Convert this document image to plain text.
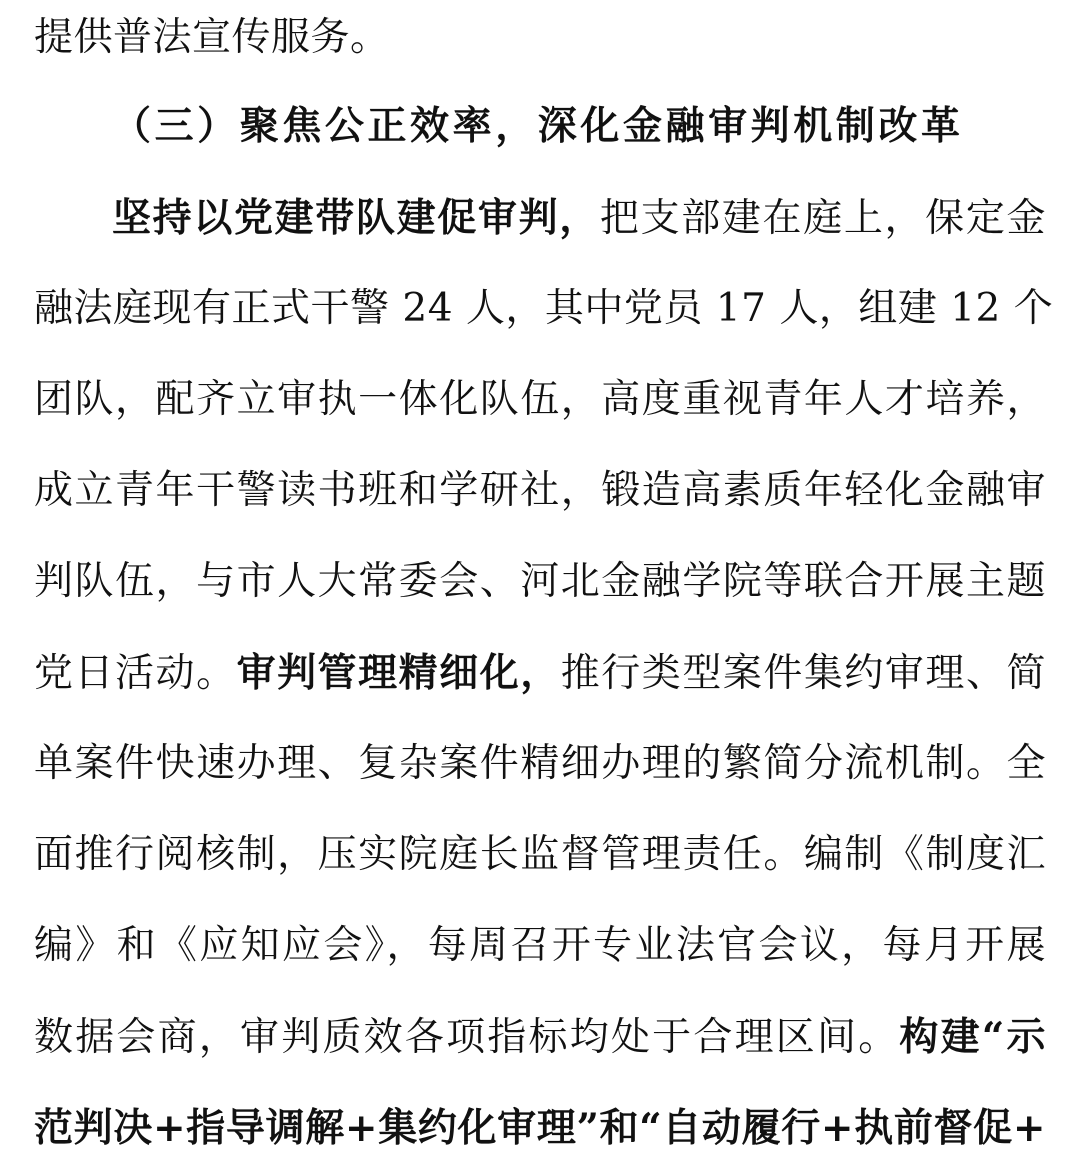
提供普法宣传服务。
（三）聚焦公正效率，深化金融审判机制改革
坚持以党建带队建促审判，把支部建在庭上，保定金
融法庭现有正式干警 24 人，其中党员 17 人，组建 12 个
团队，配齐立审执一体化队伍，高度重视青年人才培养，
成立青年干警读书班和学研社，锻造高素质年轻化金融审
判队伍，与市人大常委会、河北金融学院等联合开展主题
党日活动。审判管理精细化，推行类型案件集约审理、简
单案件快速办理、复杂案件精细办理的繁简分流机制。全
面推行阅核制，压实院庭长监督管理责任。编制《制度汇
编》和《应知应会》，每周召开专业法官会议，每月开展
数据会商，审判质效各项指标均处于合理区间。构建“示
范判决+指导调解+集约化审理”和“自动履行+执前督促+
